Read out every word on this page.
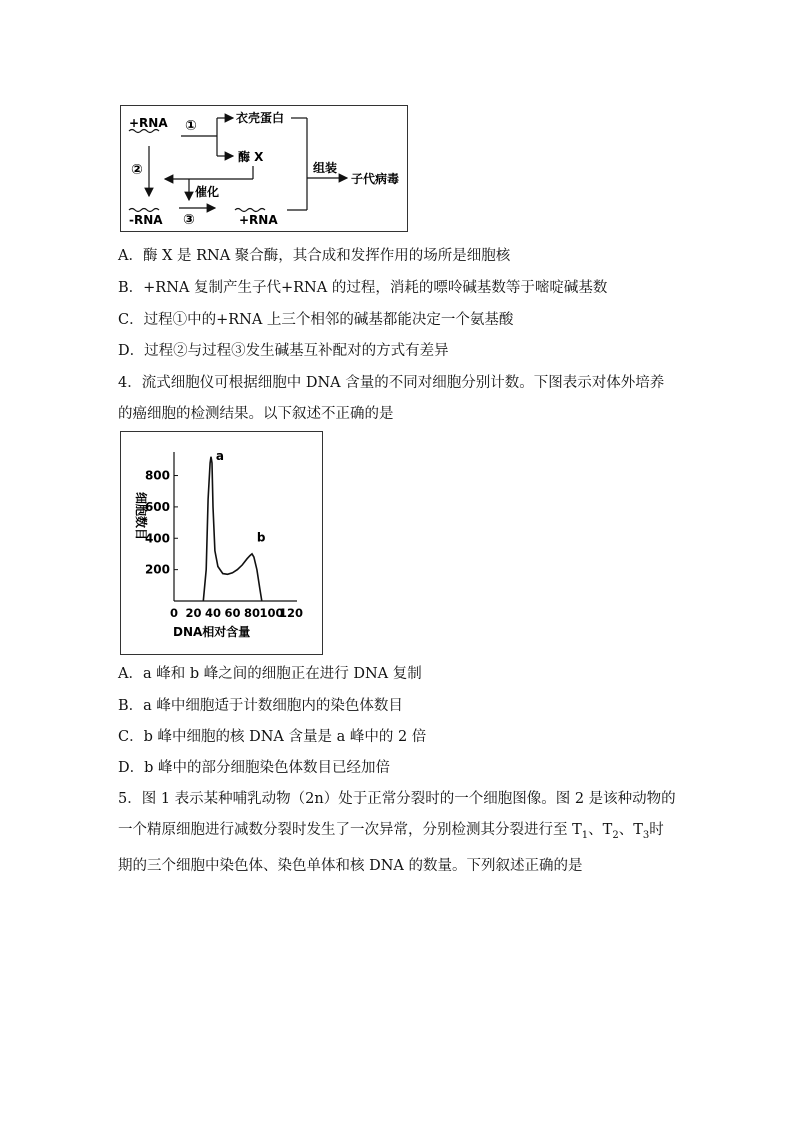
+RNA
-RNA	+RNA
①	衣壳蛋白
酶 X
②
催化
③
组装
子代病毒
A．酶 X 是 RNA 聚合酶，其合成和发挥作用的场所是细胞核
B．+RNA 复制产生子代+RNA 的过程，消耗的嘌呤碱基数等于嘧啶碱基数
C．过程①中的+RNA 上三个相邻的碱基都能决定一个氨基酸
D．过程②与过程③发生碱基互补配对的方式有差异
4．流式细胞仪可根据细胞中 DNA 含量的不同对细胞分别计数。下图表示对体外培养的癌细胞的检测结果。以下叙述不正确的是
200
400
600
800
0 20 40 60 80 100
120
a
b
细胞数目
DNA相对含量
A．a 峰和 b 峰之间的细胞正在进行 DNA 复制
B．a 峰中细胞适于计数细胞内的染色体数目
C．b 峰中细胞的核 DNA 含量是 a 峰中的 2 倍
D．b 峰中的部分细胞染色体数目已经加倍
5．图 1 表示某种哺乳动物（2n）处于正常分裂时的一个细胞图像。图 2 是该种动物的一个精原细胞进行减数分裂时发生了一次异常，分别检测其分裂进行至 $T_1$、$T_2$、$T_3$时期的三个细胞中染色体、染色单体和核 DNA 的数量。下列叙述正确的是
